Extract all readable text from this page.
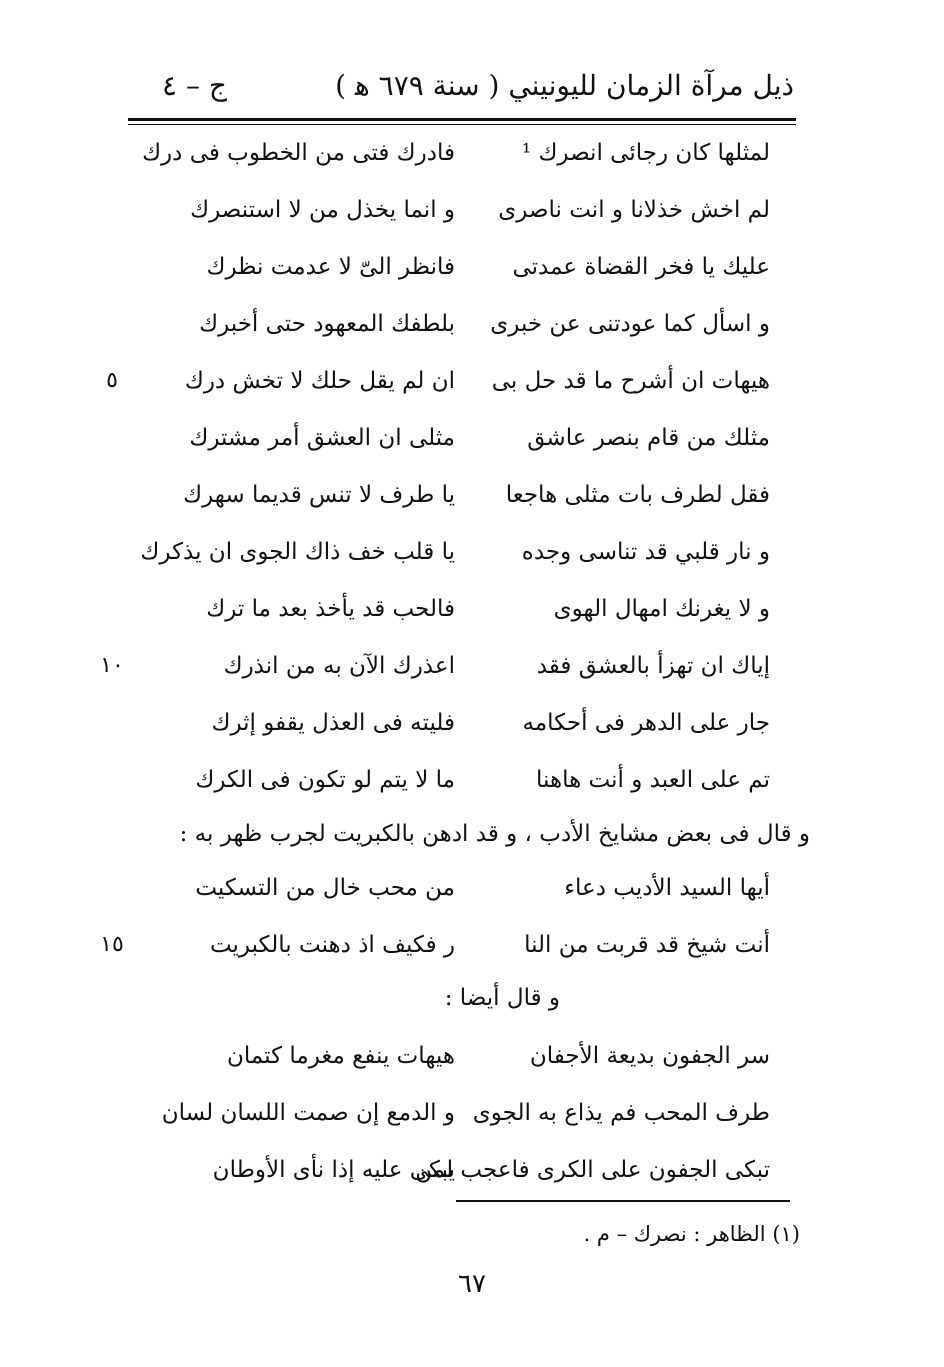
ذيل مرآة الزمان لليونيني ( سنة ٦٧٩ ﻫ )
ج – ٤
لمثلها كان رجائى انصرك ¹
فادرك فتى من الخطوب فى درك
لم اخش خذلانا و انت ناصرى
و انما يخذل من لا استنصرك
عليك يا فخر القضاة عمدتى
فانظر الىّ لا عدمت نظرك
و اسأل كما عودتنى عن خبرى
بلطفك المعهود حتى أخبرك
هيهات ان أشرح ما قد حل بى
ان لم يقل حلك لا تخش درك
٥
مثلك من قام بنصر عاشق
مثلى ان العشق أمر مشترك
فقل لطرف بات مثلى هاجعا
يا طرف لا تنس قديما سهرك
و نار قلبي قد تناسى وجده
يا قلب خف ذاك الجوى ان يذكرك
و لا يغرنك امهال الهوى
فالحب قد يأخذ بعد ما ترك
إياك ان تهزأ بالعشق فقد
اعذرك الآن به من انذرك
١٠
جار على الدهر فى أحكامه
فليته فى العذل يقفو إثرك
تم على العبد و أنت هاهنا
ما لا يتم لو تكون فى الكرك
و قال فى بعض مشايخ الأدب ، و قد ادهن بالكبريت لجرب ظهر به :
أيها السيد الأديب دعاء
من محب خال من التسكيت
أنت شيخ قد قربت من النا
ر فكيف اذ دهنت بالكبريت
١٥
و قال أيضا :
سر الجفون بديعة الأجفان
هيهات ينفع مغرما كتمان
طرف المحب فم يذاع به الجوى
و الدمع إن صمت اللسان لسان
تبكى الجفون على الكرى فاعجب لمن
يبكى عليه إذا نأى الأوطان
(١) الظاهر : نصرك – م .
٦٧
